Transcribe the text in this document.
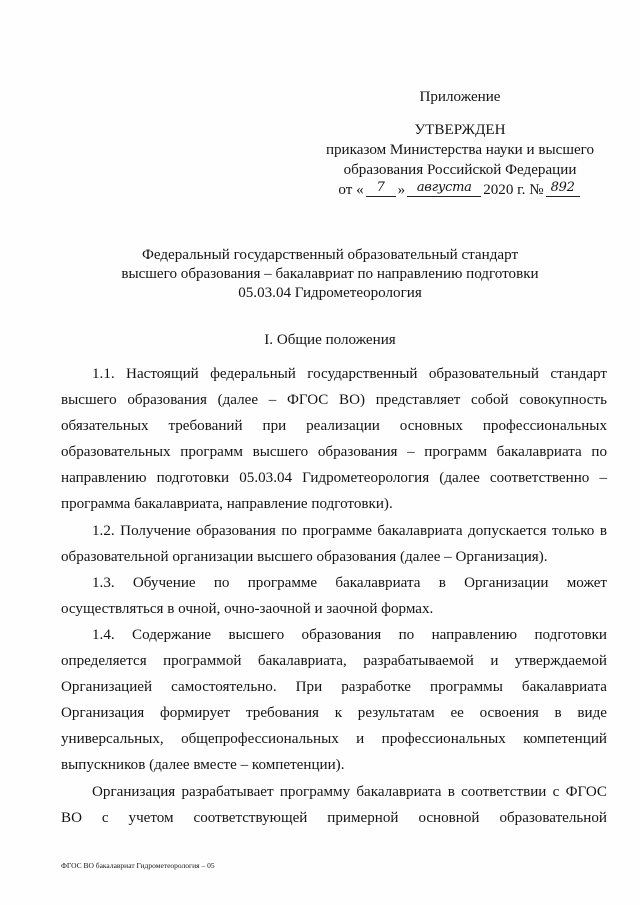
Приложение
УТВЕРЖДЕН
приказом Министерства науки и высшего
образования Российской Федерации
от «	7 » августа 2020 г. № 892
Федеральный государственный образовательный стандарт
высшего образования – бакалавриат по направлению подготовки
05.03.04 Гидрометеорология
I. Общие положения

1.1. Настоящий федеральный государственный образовательный стандарт высшего образования (далее – ФГОС ВО) представляет собой совокупность обязательных требований при реализации основных профессиональных образовательных программ высшего образования – программ бакалавриата по направлению подготовки 05.03.04 Гидрометеорология (далее соответственно – программа бакалавриата, направление подготовки).

1.2. Получение образования по программе бакалавриата допускается только в образовательной организации высшего образования (далее – Организация).

1.3. Обучение по программе бакалавриата в Организации может осуществляться в очной, очно-заочной и заочной формах.

1.4. Содержание высшего образования по направлению подготовки определяется программой бакалавриата, разрабатываемой и утверждаемой Организацией самостоятельно. При разработке программы бакалавриата Организация формирует требования к результатам ее освоения в виде универсальных, общепрофессиональных и профессиональных компетенций выпускников (далее вместе – компетенции).

Организация разрабатывает программу бакалавриата в соответствии с ФГОС ВО с учетом соответствующей примерной основной образовательной

ФГОС ВО бакалавриат Гидрометеорология – 05
